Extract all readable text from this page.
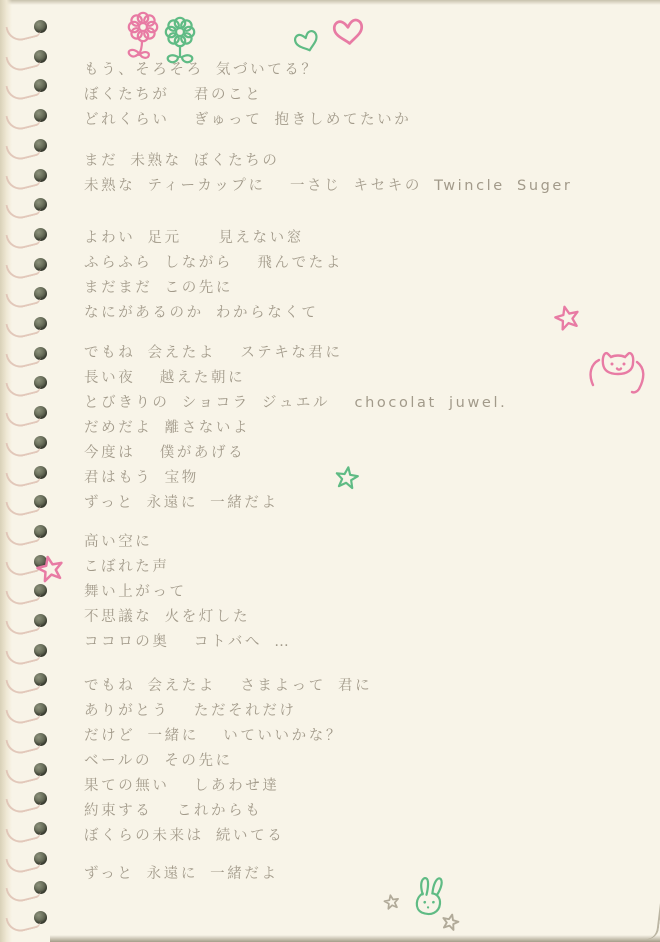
もう、そろそろ 気づいてる？
ぼくたちが  君のこと
どれくらい  ぎゅって 抱きしめてたいか
まだ 未熟な ぼくたちの
未熟な ティーカップに  一さじ キセキの Twincle Suger
よわい 足元   見えない窓
ふらふら しながら  飛んでたよ
まだまだ この先に
なにがあるのか わからなくて
でもね 会えたよ  ステキな君に
長い夜  越えた朝に
とびきりの ショコラ ジュエル  chocolat juwel.
だめだよ 離さないよ
今度は  僕があげる
君はもう 宝物
ずっと 永遠に 一緒だよ
高い空に
こぼれた声
舞い上がって
不思議な 火を灯した
ココロの奥  コトバへ …
でもね 会えたよ  さまよって 君に
ありがとう  ただそれだけ
だけど 一緒に  いていいかな？
ベールの その先に
果ての無い  しあわせ達
約束する  これからも
ぼくらの未来は 続いてる
ずっと 永遠に 一緒だよ
